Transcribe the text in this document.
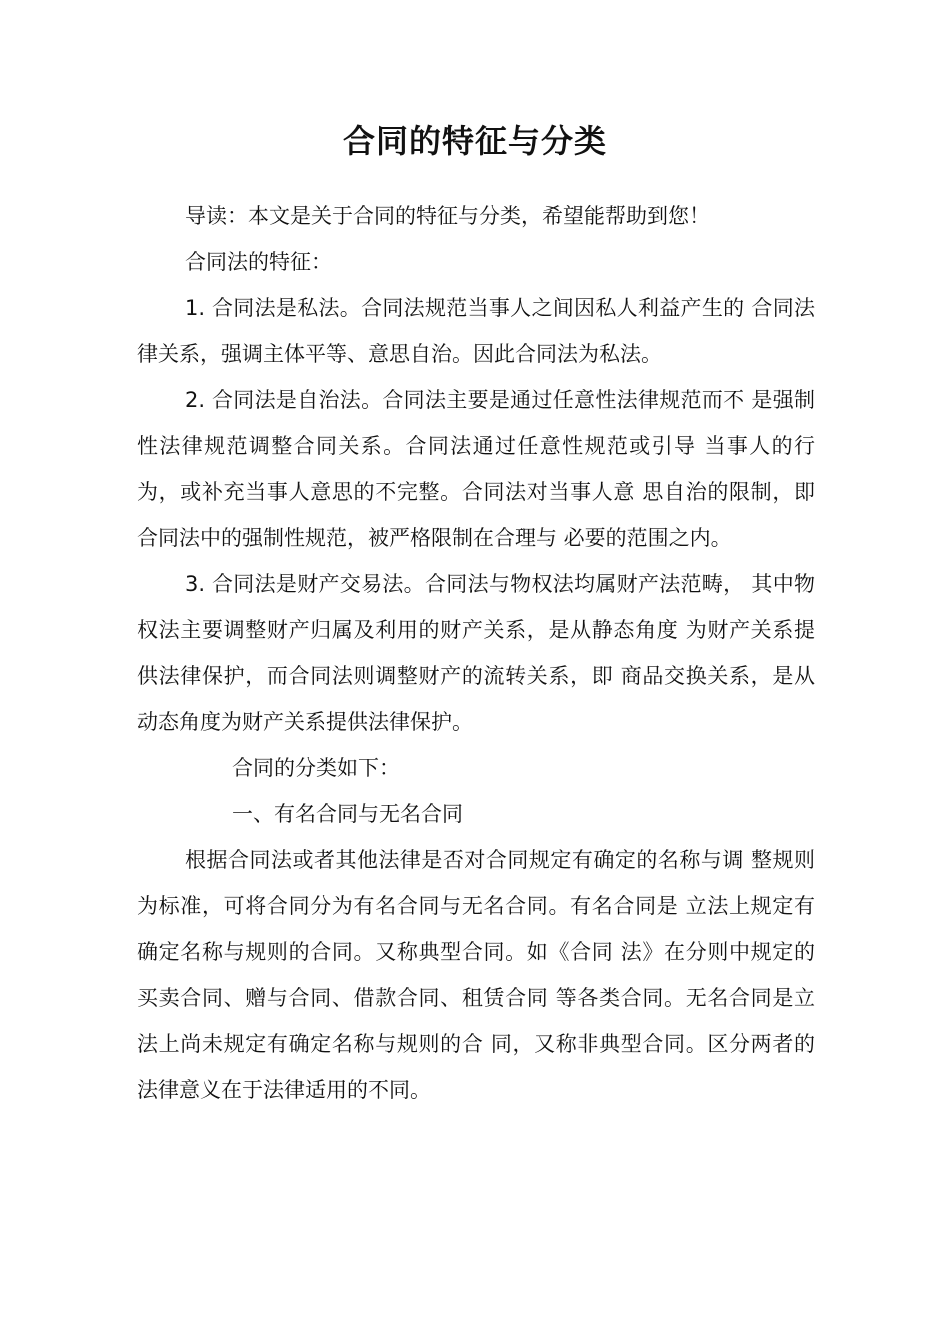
合同的特征与分类

导读：本文是关于合同的特征与分类，希望能帮助到您！

合同法的特征：

1. 合同法是私法。合同法规范当事人之间因私人利益产生的 合同法律关系，强调主体平等、意思自治。因此合同法为私法。

2. 合同法是自治法。合同法主要是通过任意性法律规范而不 是强制性法律规范调整合同关系。合同法通过任意性规范或引导 当事人的行为，或补充当事人意思的不完整。合同法对当事人意 思自治的限制，即合同法中的强制性规范，被严格限制在合理与 必要的范围之内。

3. 合同法是财产交易法。合同法与物权法均属财产法范畴， 其中物权法主要调整财产归属及利用的财产关系，是从静态角度 为财产关系提供法律保护，而合同法则调整财产的流转关系，即 商品交换关系，是从动态角度为财产关系提供法律保护。

合同的分类如下：

一、有名合同与无名合同

根据合同法或者其他法律是否对合同规定有确定的名称与调 整规则为标准，可将合同分为有名合同与无名合同。有名合同是 立法上规定有确定名称与规则的合同。又称典型合同。如《合同 法》在分则中规定的买卖合同、赠与合同、借款合同、租赁合同 等各类合同。无名合同是立法上尚未规定有确定名称与规则的合 同，又称非典型合同。区分两者的法律意义在于法律适用的不同。
